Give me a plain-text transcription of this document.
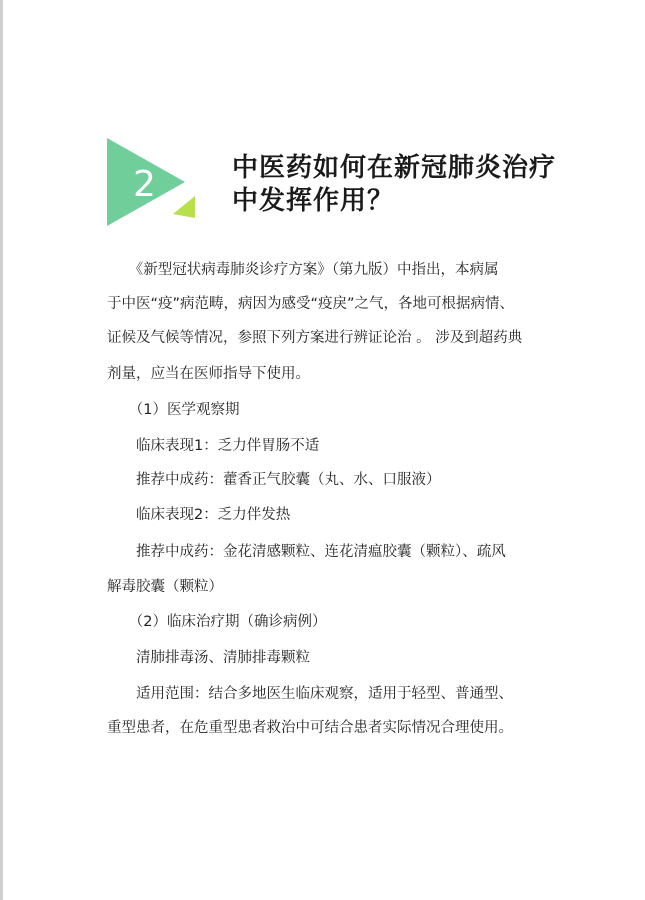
2	中医药如何在新冠肺炎治疗
中发挥作用？
　　《新型冠状病毒肺炎诊疗方案》（第九版）中指出，本病属
于中医“疫”病范畴，病因为感受“疫戾”之气，各地可根据病情、
证候及气候等情况，参照下列方案进行辨证论治 。 涉及到超药典
剂量，应当在医师指导下使用。
　　（1）医学观察期
　　临床表现1：乏力伴胃肠不适
　　推荐中成药：藿香正气胶囊（丸、水、口服液）
　　临床表现2：乏力伴发热
　　推荐中成药：金花清感颗粒、连花清瘟胶囊（颗粒）、疏风
解毒胶囊（颗粒）
　　（2）临床治疗期（确诊病例）
　　清肺排毒汤、清肺排毒颗粒
　　适用范围：结合多地医生临床观察，适用于轻型、普通型、
重型患者，在危重型患者救治中可结合患者实际情况合理使用。
